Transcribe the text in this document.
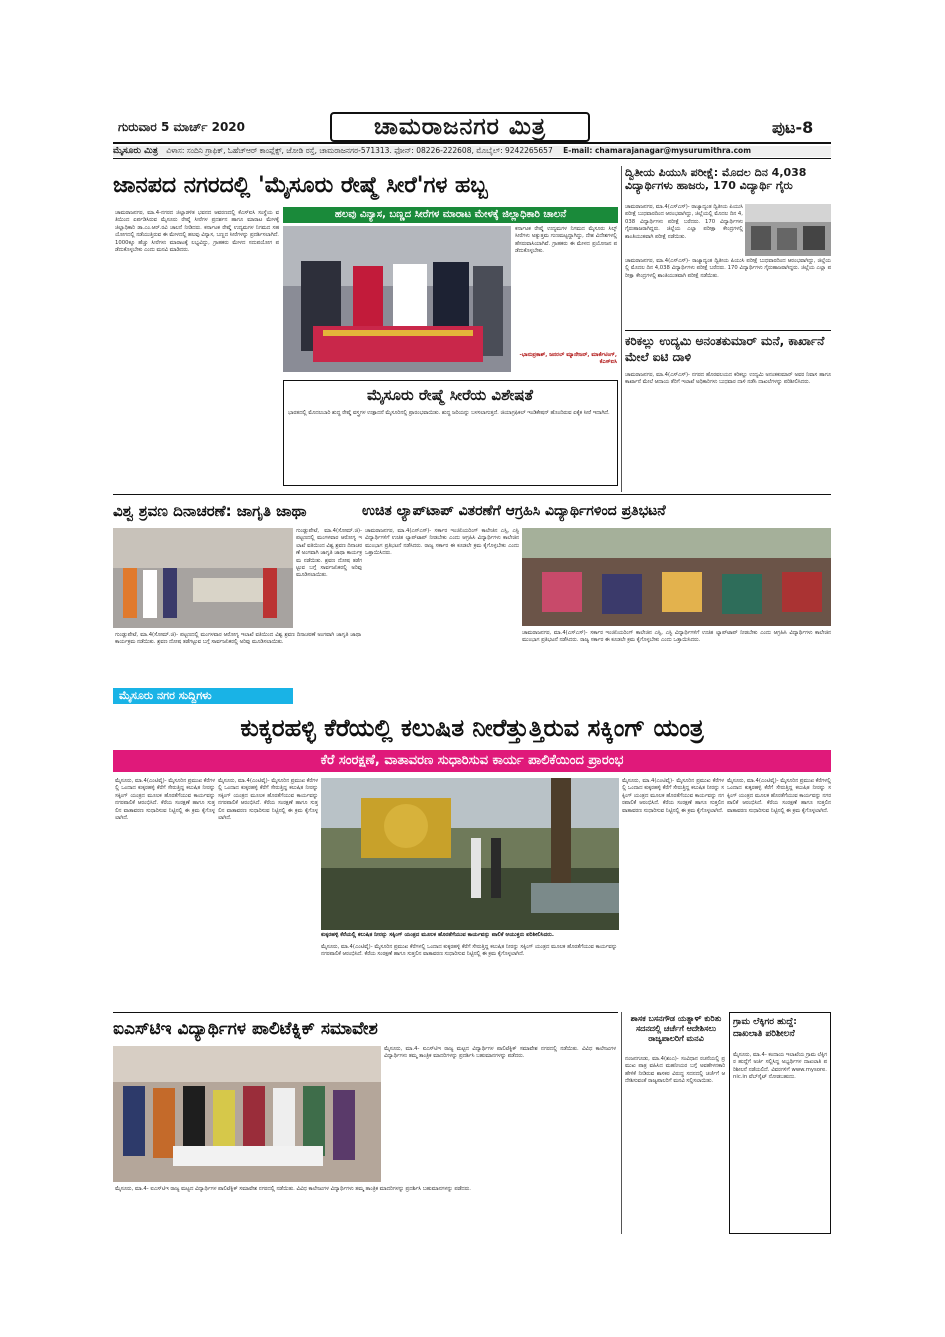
ಗುರುವಾರ 5 ಮಾರ್ಚ್ 2020	ಚಾಮರಾಜನಗರ ಮಿತ್ರ	ಪುಟ-8
ಮೈಸೂರು ಮಿತ್ರ ವಿಳಾಸ: ಸಂದಿನಿ ಗ್ರಾಫಿಕ್, ಓಹೆಚ್‌ಆರ್ ಕಾಂಪ್ಲೆಕ್ಸ್, ಜೋಡಿ ರಸ್ತೆ, ಚಾಮರಾಜನಗರ-571313. ಫೋನ್: 08226-222608, ಮೊಬೈಲ್: 9242265657 E-mail: chamarajanagar@mysurumithra.com
ಜಾನಪದ ನಗರದಲ್ಲಿ 'ಮೈಸೂರು ರೇಷ್ಮೆ ಸೀರೆ'ಗಳ ಹಬ್ಬ
ಹಲವು ವಿನ್ಯಾಸ, ಬಣ್ಣದ ಸೀರೆಗಳ ಮಾರಾಟ ಮೇಳಕ್ಕೆ ಜಿಲ್ಲಾಧಿಕಾರಿ ಚಾಲನೆ
ಚಾಮರಾಜನಗರ, ಮಾ.4-ನಗರದ ಜಿಲ್ಲಾಡಳಿತ ಭವನದ ಆವರಣದಲ್ಲಿ ಕೆಎಸ್ಐಸಿ ಸಂಸ್ಥೆಯ ವತಿಯಿಂದ ಏರ್ಪಡಿಸಿರುವ ಮೈಸೂರು ರೇಷ್ಮೆ ಸೀರೆಗಳ ಪ್ರದರ್ಶನ ಹಾಗೂ ಮಾರಾಟ ಮೇಳಕ್ಕೆ ಜಿಲ್ಲಾಧಿಕಾರಿ ಡಾ.ಎಂ.ಆರ್.ರವಿ ಚಾಲನೆ ನೀಡಿದರು. ಕರ್ನಾಟಕ ರೇಷ್ಮೆ ಉದ್ಯಮಗಳ ನಿಗಮದ ಸಹಯೋಗದಲ್ಲಿ ನಡೆಯುತ್ತಿರುವ ಈ ಮೇಳದಲ್ಲಿ ಹಲವು ವಿನ್ಯಾಸ, ಬಣ್ಣದ ಸೀರೆಗಳನ್ನು ಪ್ರದರ್ಶಿಸಲಾಗಿದೆ. 1000ಕ್ಕೂ ಹೆಚ್ಚು ಸೀರೆಗಳು ಮಾರಾಟಕ್ಕೆ ಲಭ್ಯವಿದ್ದು, ಗ್ರಾಹಕರು ಮೇಳದ ಸದುಪಯೋಗ ಪಡೆದುಕೊಳ್ಳಬೇಕು ಎಂದು ಮನವಿ ಮಾಡಿದರು.
ಕರ್ನಾಟಕ ರೇಷ್ಮೆ ಉದ್ಯಮಗಳ ನಿಗಮದ ಮೈಸೂರು ಸಿಲ್ಕ್ ಸೀರೆಗಳು ಅತ್ಯುತ್ತಮ ಗುಣಮಟ್ಟದ್ದಾಗಿದ್ದು, ದೇಶ ವಿದೇಶಗಳಲ್ಲಿ ಹೆಸರುವಾಸಿಯಾಗಿವೆ. ಗ್ರಾಹಕರು ಈ ಮೇಳದ ಪ್ರಯೋಜನ ಪಡೆದುಕೊಳ್ಳಬೇಕು.
-ಭಾನುಪ್ರಕಾಶ್, ಜನರಲ್ ಮ್ಯಾನೇಜರ್, ಮಾರ್ಕೆಟಿಂಗ್, ಕೆಎಸ್ಐಸಿ
ಮೈಸೂರು ರೇಷ್ಮೆ ಸೀರೆಯ ವಿಶೇಷತೆ
ಭಾರತದಲ್ಲಿ ಮೊದಲಬಾರಿ ಶುದ್ಧ ರೇಷ್ಮೆ ವಸ್ತ್ರಗಳ ಉತ್ಪಾದನೆ ಮೈಸೂರಿನಲ್ಲಿ ಪ್ರಾರಂಭವಾಯಿತು. ಶುದ್ಧ ಜರಿಯನ್ನು ಬಳಸಲಾಗುತ್ತದೆ. ಜಿಯಾಗ್ರಫಿಕಲ್ ಇಂಡಿಕೇಷನ್ ಹೊಂದಿರುವ ಏಕೈಕ ಸೀರೆ ಇದಾಗಿದೆ.
ದ್ವಿತೀಯ ಪಿಯುಸಿ ಪರೀಕ್ಷೆ: ಮೊದಲ ದಿನ 4,038 ವಿದ್ಯಾರ್ಥಿಗಳು ಹಾಜರು, 170 ವಿದ್ಯಾರ್ಥಿ ಗೈರು
ಚಾಮರಾಜನಗರ, ಮಾ.4(ಎಸ್‌ಎಸ್)- ರಾಜ್ಯಾದ್ಯಂತ ದ್ವಿತೀಯ ಪಿಯುಸಿ ಪರೀಕ್ಷೆ ಬುಧವಾರದಿಂದ ಆರಂಭವಾಗಿದ್ದು, ಜಿಲ್ಲೆಯಲ್ಲಿ ಮೊದಲ ದಿನ 4,038 ವಿದ್ಯಾರ್ಥಿಗಳು ಪರೀಕ್ಷೆ ಬರೆದರು. 170 ವಿದ್ಯಾರ್ಥಿಗಳು ಗೈರುಹಾಜರಾಗಿದ್ದರು. ಜಿಲ್ಲೆಯ ಎಲ್ಲಾ ಪರೀಕ್ಷಾ ಕೇಂದ್ರಗಳಲ್ಲಿ ಶಾಂತಿಯುತವಾಗಿ ಪರೀಕ್ಷೆ ನಡೆಯಿತು.
ಚಾಮರಾಜನಗರ, ಮಾ.4(ಎಸ್‌ಎಸ್)- ರಾಜ್ಯಾದ್ಯಂತ ದ್ವಿತೀಯ ಪಿಯುಸಿ ಪರೀಕ್ಷೆ ಬುಧವಾರದಿಂದ ಆರಂಭವಾಗಿದ್ದು, ಜಿಲ್ಲೆಯಲ್ಲಿ ಮೊದಲ ದಿನ 4,038 ವಿದ್ಯಾರ್ಥಿಗಳು ಪರೀಕ್ಷೆ ಬರೆದರು. 170 ವಿದ್ಯಾರ್ಥಿಗಳು ಗೈರುಹಾಜರಾಗಿದ್ದರು. ಜಿಲ್ಲೆಯ ಎಲ್ಲಾ ಪರೀಕ್ಷಾ ಕೇಂದ್ರಗಳಲ್ಲಿ ಶಾಂತಿಯುತವಾಗಿ ಪರೀಕ್ಷೆ ನಡೆಯಿತು.
ಕರಿಕಲ್ಲು ಉದ್ಯಮಿ ಅನಂತಕುಮಾರ್ ಮನೆ, ಕಾರ್ಖಾನೆ ಮೇಲೆ ಐಟಿ ದಾಳಿ
ಚಾಮರಾಜನಗರ, ಮಾ.4(ಎಸ್‌ಎಸ್)- ನಗರದ ಹೊರವಲಯದ ಕರಿಕಲ್ಲು ಉದ್ಯಮಿ ಅನಂತಕುಮಾರ್ ಅವರ ನಿವಾಸ ಹಾಗೂ ಕಾರ್ಖಾನೆ ಮೇಲೆ ಆದಾಯ ತೆರಿಗೆ ಇಲಾಖೆ ಅಧಿಕಾರಿಗಳು ಬುಧವಾರ ದಾಳಿ ನಡೆಸಿ ದಾಖಲೆಗಳನ್ನು ಪರಿಶೀಲಿಸಿದರು.
ವಿಶ್ವ ಶ್ರವಣ ದಿನಾಚರಣೆ: ಜಾಗೃತಿ ಜಾಥಾ	ಉಚಿತ ಲ್ಯಾಪ್‌ಟಾಪ್ ವಿತರಣೆಗೆ ಆಗ್ರಹಿಸಿ ವಿದ್ಯಾರ್ಥಿಗಳಿಂದ ಪ್ರತಿಭಟನೆ
ಗುಂಡ್ಲುಪೇಟೆ, ಮಾ.4(ಸೋಮ್.ಜಿ)- ಪಟ್ಟಣದಲ್ಲಿ ಮಂಗಳವಾರ ಆರೋಗ್ಯ ಇಲಾಖೆ ವತಿಯಿಂದ ವಿಶ್ವ ಶ್ರವಣ ದಿನಾಚರಣೆ ಅಂಗವಾಗಿ ಜಾಗೃತಿ ಜಾಥಾ ಕಾರ್ಯಕ್ರಮ ನಡೆಯಿತು. ಶ್ರವಣ ದೋಷ ತಡೆಗಟ್ಟುವ ಬಗ್ಗೆ ಸಾರ್ವಜನಿಕರಲ್ಲಿ ಅರಿವು ಮೂಡಿಸಲಾಯಿತು.
ಗುಂಡ್ಲುಪೇಟೆ, ಮಾ.4(ಸೋಮ್.ಜಿ)- ಪಟ್ಟಣದಲ್ಲಿ ಮಂಗಳವಾರ ಆರೋಗ್ಯ ಇಲಾಖೆ ವತಿಯಿಂದ ವಿಶ್ವ ಶ್ರವಣ ದಿನಾಚರಣೆ ಅಂಗವಾಗಿ ಜಾಗೃತಿ ಜಾಥಾ ಕಾರ್ಯಕ್ರಮ ನಡೆಯಿತು. ಶ್ರವಣ ದೋಷ ತಡೆಗಟ್ಟುವ ಬಗ್ಗೆ ಸಾರ್ವಜನಿಕರಲ್ಲಿ ಅರಿವು ಮೂಡಿಸಲಾಯಿತು.
ಚಾಮರಾಜನಗರ, ಮಾ.4(ಎಸ್‌ಎಸ್)- ಸರ್ಕಾರ ಇಂಜಿನಿಯರಿಂಗ್ ಕಾಲೇಜಿನ ಎಸ್ಸಿ, ಎಸ್ಟಿ ವಿದ್ಯಾರ್ಥಿಗಳಿಗೆ ಉಚಿತ ಲ್ಯಾಪ್‌ಟಾಪ್ ನೀಡಬೇಕು ಎಂದು ಆಗ್ರಹಿಸಿ ವಿದ್ಯಾರ್ಥಿಗಳು ಕಾಲೇಜಿನ ಮುಂಭಾಗ ಪ್ರತಿಭಟನೆ ನಡೆಸಿದರು. ರಾಜ್ಯ ಸರ್ಕಾರ ಈ ಕೂಡಲೇ ಕ್ರಮ ಕೈಗೊಳ್ಳಬೇಕು ಎಂದು ಒತ್ತಾಯಿಸಿದರು.
ಚಾಮರಾಜನಗರ, ಮಾ.4(ಎಸ್‌ಎಸ್)- ಸರ್ಕಾರ ಇಂಜಿನಿಯರಿಂಗ್ ಕಾಲೇಜಿನ ಎಸ್ಸಿ, ಎಸ್ಟಿ ವಿದ್ಯಾರ್ಥಿಗಳಿಗೆ ಉಚಿತ ಲ್ಯಾಪ್‌ಟಾಪ್ ನೀಡಬೇಕು ಎಂದು ಆಗ್ರಹಿಸಿ ವಿದ್ಯಾರ್ಥಿಗಳು ಕಾಲೇಜಿನ ಮುಂಭಾಗ ಪ್ರತಿಭಟನೆ ನಡೆಸಿದರು. ರಾಜ್ಯ ಸರ್ಕಾರ ಈ ಕೂಡಲೇ ಕ್ರಮ ಕೈಗೊಳ್ಳಬೇಕು ಎಂದು ಒತ್ತಾಯಿಸಿದರು.
ಮೈಸೂರು ನಗರ ಸುದ್ದಿಗಳು
ಕುಕ್ಕರಹಳ್ಳಿ ಕೆರೆಯಲ್ಲಿ ಕಲುಷಿತ ನೀರೆತ್ತುತ್ತಿರುವ ಸಕ್ಕಿಂಗ್ ಯಂತ್ರ
ಕೆರೆ ಸಂರಕ್ಷಣೆ, ವಾತಾವರಣ ಸುಧಾರಿಸುವ ಕಾರ್ಯ ಪಾಲಿಕೆಯಿಂದ ಪ್ರಾರಂಭ
ಮೈಸೂರು, ಮಾ.4(ಎಂಟಿವೈ)- ಮೈಸೂರಿನ ಪ್ರಮುಖ ಕೆರೆಗಳಲ್ಲಿ ಒಂದಾದ ಕುಕ್ಕರಹಳ್ಳಿ ಕೆರೆಗೆ ಸೇರುತ್ತಿದ್ದ ಕಲುಷಿತ ನೀರನ್ನು ಸಕ್ಕಿಂಗ್ ಯಂತ್ರದ ಮೂಲಕ ಹೊರತೆಗೆಯುವ ಕಾರ್ಯವನ್ನು ನಗರಪಾಲಿಕೆ ಆರಂಭಿಸಿದೆ. ಕೆರೆಯ ಸಂರಕ್ಷಣೆ ಹಾಗೂ ಸುತ್ತಲಿನ ವಾತಾವರಣ ಸುಧಾರಿಸುವ ನಿಟ್ಟಿನಲ್ಲಿ ಈ ಕ್ರಮ ಕೈಗೊಳ್ಳಲಾಗಿದೆ.
ಮೈಸೂರು, ಮಾ.4(ಎಂಟಿವೈ)- ಮೈಸೂರಿನ ಪ್ರಮುಖ ಕೆರೆಗಳಲ್ಲಿ ಒಂದಾದ ಕುಕ್ಕರಹಳ್ಳಿ ಕೆರೆಗೆ ಸೇರುತ್ತಿದ್ದ ಕಲುಷಿತ ನೀರನ್ನು ಸಕ್ಕಿಂಗ್ ಯಂತ್ರದ ಮೂಲಕ ಹೊರತೆಗೆಯುವ ಕಾರ್ಯವನ್ನು ನಗರಪಾಲಿಕೆ ಆರಂಭಿಸಿದೆ. ಕೆರೆಯ ಸಂರಕ್ಷಣೆ ಹಾಗೂ ಸುತ್ತಲಿನ ವಾತಾವರಣ ಸುಧಾರಿಸುವ ನಿಟ್ಟಿನಲ್ಲಿ ಈ ಕ್ರಮ ಕೈಗೊಳ್ಳಲಾಗಿದೆ.
ಕುಕ್ಕರಹಳ್ಳಿ ಕೆರೆಯಲ್ಲಿ ಕಲುಷಿತ ನೀರನ್ನು ಸಕ್ಕಿಂಗ್ ಯಂತ್ರದ ಮೂಲಕ ಹೊರತೆಗೆಯುವ ಕಾರ್ಯವನ್ನು ಪಾಲಿಕೆ ಆಯುಕ್ತರು ಪರಿಶೀಲಿಸಿದರು.
ಮೈಸೂರು, ಮಾ.4(ಎಂಟಿವೈ)- ಮೈಸೂರಿನ ಪ್ರಮುಖ ಕೆರೆಗಳಲ್ಲಿ ಒಂದಾದ ಕುಕ್ಕರಹಳ್ಳಿ ಕೆರೆಗೆ ಸೇರುತ್ತಿದ್ದ ಕಲುಷಿತ ನೀರನ್ನು ಸಕ್ಕಿಂಗ್ ಯಂತ್ರದ ಮೂಲಕ ಹೊರತೆಗೆಯುವ ಕಾರ್ಯವನ್ನು ನಗರಪಾಲಿಕೆ ಆರಂಭಿಸಿದೆ. ಕೆರೆಯ ಸಂರಕ್ಷಣೆ ಹಾಗೂ ಸುತ್ತಲಿನ ವಾತಾವರಣ ಸುಧಾರಿಸುವ ನಿಟ್ಟಿನಲ್ಲಿ ಈ ಕ್ರಮ ಕೈಗೊಳ್ಳಲಾಗಿದೆ.
ಮೈಸೂರು, ಮಾ.4(ಎಂಟಿವೈ)- ಮೈಸೂರಿನ ಪ್ರಮುಖ ಕೆರೆಗಳಲ್ಲಿ ಒಂದಾದ ಕುಕ್ಕರಹಳ್ಳಿ ಕೆರೆಗೆ ಸೇರುತ್ತಿದ್ದ ಕಲುಷಿತ ನೀರನ್ನು ಸಕ್ಕಿಂಗ್ ಯಂತ್ರದ ಮೂಲಕ ಹೊರತೆಗೆಯುವ ಕಾರ್ಯವನ್ನು ನಗರಪಾಲಿಕೆ ಆರಂಭಿಸಿದೆ. ಕೆರೆಯ ಸಂರಕ್ಷಣೆ ಹಾಗೂ ಸುತ್ತಲಿನ ವಾತಾವರಣ ಸುಧಾರಿಸುವ ನಿಟ್ಟಿನಲ್ಲಿ ಈ ಕ್ರಮ ಕೈಗೊಳ್ಳಲಾಗಿದೆ.
ಮೈಸೂರು, ಮಾ.4(ಎಂಟಿವೈ)- ಮೈಸೂರಿನ ಪ್ರಮುಖ ಕೆರೆಗಳಲ್ಲಿ ಒಂದಾದ ಕುಕ್ಕರಹಳ್ಳಿ ಕೆರೆಗೆ ಸೇರುತ್ತಿದ್ದ ಕಲುಷಿತ ನೀರನ್ನು ಸಕ್ಕಿಂಗ್ ಯಂತ್ರದ ಮೂಲಕ ಹೊರತೆಗೆಯುವ ಕಾರ್ಯವನ್ನು ನಗರಪಾಲಿಕೆ ಆರಂಭಿಸಿದೆ. ಕೆರೆಯ ಸಂರಕ್ಷಣೆ ಹಾಗೂ ಸುತ್ತಲಿನ ವಾತಾವರಣ ಸುಧಾರಿಸುವ ನಿಟ್ಟಿನಲ್ಲಿ ಈ ಕ್ರಮ ಕೈಗೊಳ್ಳಲಾಗಿದೆ.
ಐಎಸ್‌ಟಿಇ ವಿದ್ಯಾರ್ಥಿಗಳ ಪಾಲಿಟೆಕ್ನಿಕ್ ಸಮಾವೇಶ
ಮೈಸೂರು, ಮಾ.4- ಐಎಸ್‌ಟಿಇ ರಾಜ್ಯ ಮಟ್ಟದ ವಿದ್ಯಾರ್ಥಿಗಳ ಪಾಲಿಟೆಕ್ನಿಕ್ ಸಮಾವೇಶ ನಗರದಲ್ಲಿ ನಡೆಯಿತು. ವಿವಿಧ ಕಾಲೇಜುಗಳ ವಿದ್ಯಾರ್ಥಿಗಳು ತಮ್ಮ ತಾಂತ್ರಿಕ ಮಾದರಿಗಳನ್ನು ಪ್ರದರ್ಶಿಸಿ ಬಹುಮಾನಗಳನ್ನು ಪಡೆದರು.
ಮೈಸೂರು, ಮಾ.4- ಐಎಸ್‌ಟಿಇ ರಾಜ್ಯ ಮಟ್ಟದ ವಿದ್ಯಾರ್ಥಿಗಳ ಪಾಲಿಟೆಕ್ನಿಕ್ ಸಮಾವೇಶ ನಗರದಲ್ಲಿ ನಡೆಯಿತು. ವಿವಿಧ ಕಾಲೇಜುಗಳ ವಿದ್ಯಾರ್ಥಿಗಳು ತಮ್ಮ ತಾಂತ್ರಿಕ ಮಾದರಿಗಳನ್ನು ಪ್ರದರ್ಶಿಸಿ ಬಹುಮಾನಗಳನ್ನು ಪಡೆದರು.
ಶಾಸಕ ಬಸನಗೌಡ ಯತ್ನಾಳ್ ಕುರಿತು ಸದನದಲ್ಲಿ ಚರ್ಚೆಗೆ ಆದೇಶಿಸಲು ರಾಜ್ಯಪಾಲರಿಗೆ ಮನವಿ
ನಂಜನಗೂಡು, ಮಾ.4(ಶಂಎ)- ಸಂವಿಧಾನ ರಚನೆಯಲ್ಲಿ ಪ್ರಮುಖ ಪಾತ್ರ ವಹಿಸಿದ ಮಹನೀಯರ ಬಗ್ಗೆ ಅವಹೇಳನಕಾರಿ ಹೇಳಿಕೆ ನೀಡಿರುವ ಶಾಸಕರ ವಿರುದ್ಧ ಸದನದಲ್ಲಿ ಚರ್ಚೆಗೆ ಆದೇಶಿಸುವಂತೆ ರಾಜ್ಯಪಾಲರಿಗೆ ಮನವಿ ಸಲ್ಲಿಸಲಾಯಿತು.
ಗ್ರಾಮ ಲೆಕ್ಕಿಗರ ಹುದ್ದೆ: ದಾಖಲಾತಿ ಪರಿಶೀಲನೆ
ಮೈಸೂರು, ಮಾ.4- ಕಂದಾಯ ಇಲಾಖೆಯ ಗ್ರಾಮ ಲೆಕ್ಕಿಗರ ಹುದ್ದೆಗೆ ಅರ್ಜಿ ಸಲ್ಲಿಸಿದ್ದ ಅಭ್ಯರ್ಥಿಗಳ ದಾಖಲಾತಿ ಪರಿಶೀಲನೆ ನಡೆಯಲಿದೆ. ವಿವರಗಳಿಗೆ www.mysore.nic.in ವೆಬ್‌ಸೈಟ್ ನೋಡಬಹುದು.
